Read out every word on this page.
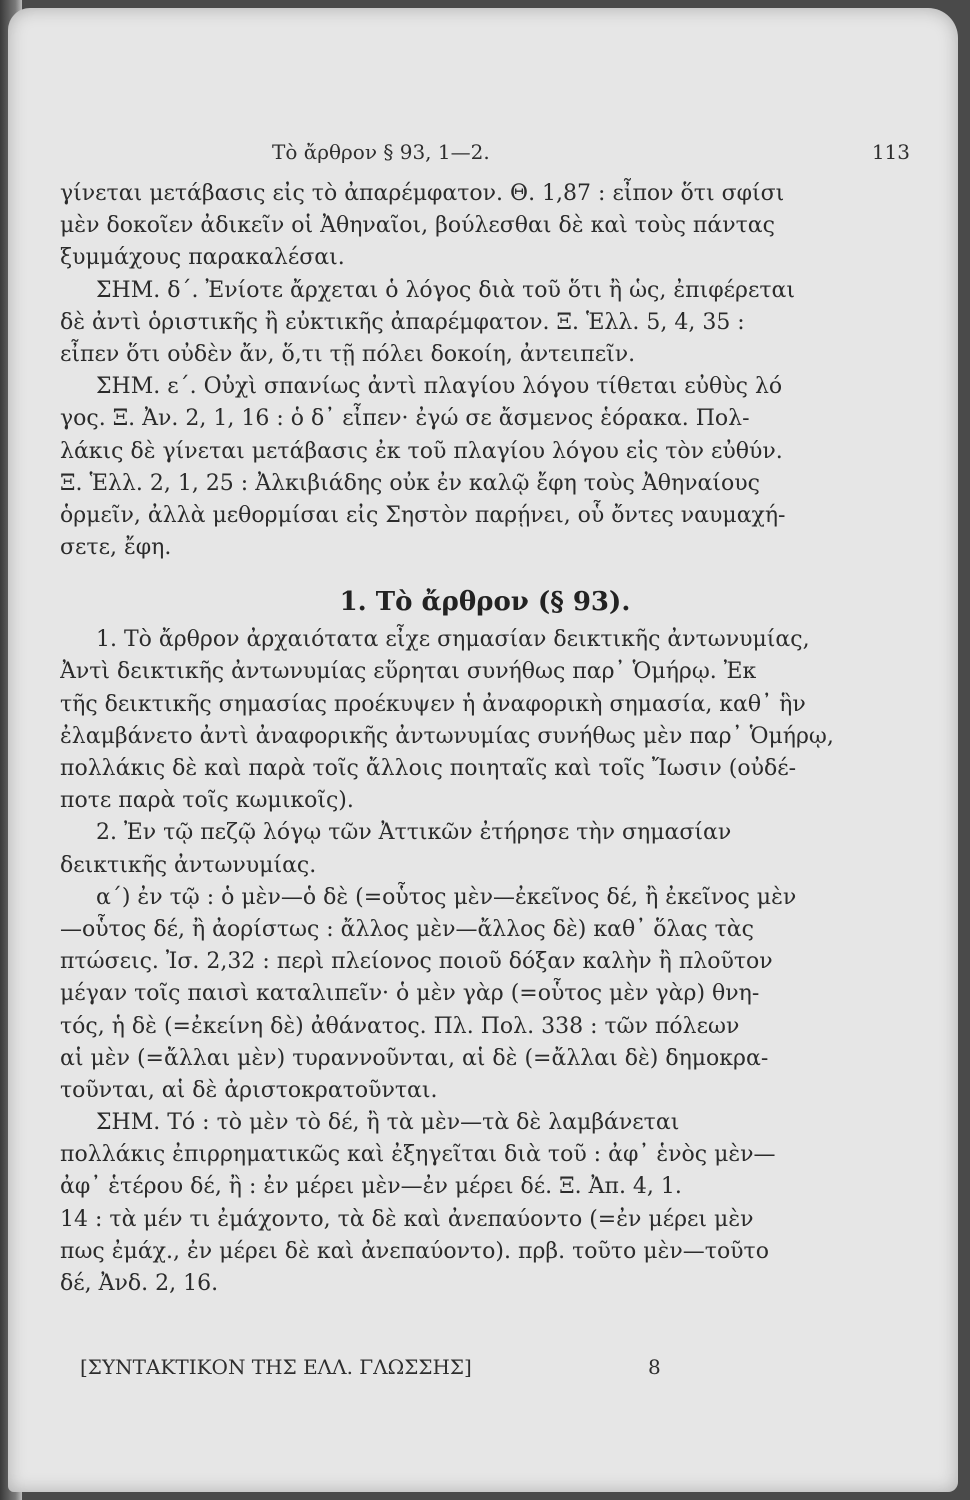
Τὸ ἄρθρον § 93, 1—2.	113
γίνεται μετάβασις εἰς τὸ ἀπαρέμφατον. Θ. 1,87 : εἶπον ὅτι σφίσι
μὲν δοκοῖεν ἀδικεῖν οἱ Ἀθηναῖοι, βούλεσθαι δὲ καὶ τοὺς πάντας
ξυμμάχους παρακαλέσαι.
ΣΗΜ. δ΄. Ἐνίοτε ἄρχεται ὁ λόγος διὰ τοῦ ὅτι ἢ ὡς, ἐπιφέρεται
δὲ ἀντὶ ὁριστικῆς ἢ εὐκτικῆς ἀπαρέμφατον. Ξ. Ἑλλ. 5, 4, 35 :
εἶπεν ὅτι οὐδὲν ἄν, ὅ,τι τῇ πόλει δοκοίη, ἀντειπεῖν.
ΣΗΜ. ε΄. Οὐχὶ σπανίως ἀντὶ πλαγίου λόγου τίθεται εὐθὺς λό
γος. Ξ. Ἀν. 2, 1, 16 : ὁ δ᾽ εἶπεν· ἐγώ σε ἄσμενος ἑόρακα. Πολ-
λάκις δὲ γίνεται μετάβασις ἐκ τοῦ πλαγίου λόγου εἰς τὸν εὐθύν.
Ξ. Ἑλλ. 2, 1, 25 : Ἀλκιβιάδης οὐκ ἐν καλῷ ἔφη τοὺς Ἀθηναίους
ὁρμεῖν, ἀλλὰ μεθορμίσαι εἰς Σηστὸν παρῄνει, οὗ ὄντες ναυμαχή-
σετε, ἔφη.
1. Τὸ ἄρθρον (§ 93).
1. Τὸ ἄρθρον ἀρχαιότατα εἶχε σημασίαν δεικτικῆς ἀντωνυμίας,
Ἀντὶ δεικτικῆς ἀντωνυμίας εὕρηται συνήθως παρ᾽ Ὁμήρῳ. Ἐκ
τῆς δεικτικῆς σημασίας προέκυψεν ἡ ἀναφορικὴ σημασία, καθ᾽ ἣν
ἐλαμβάνετο ἀντὶ ἀναφορικῆς ἀντωνυμίας συνήθως μὲν παρ᾽ Ὁμήρῳ,
πολλάκις δὲ καὶ παρὰ τοῖς ἄλλοις ποιηταῖς καὶ τοῖς Ἴωσιν (οὐδέ-
ποτε παρὰ τοῖς κωμικοῖς).
2. Ἐν τῷ πεζῷ λόγῳ τῶν Ἀττικῶν ἐτήρησε τὴν σημασίαν
δεικτικῆς ἀντωνυμίας.
α΄) ἐν τῷ : ὁ μὲν—ὁ δὲ (=οὗτος μὲν—ἐκεῖνος δέ, ἢ ἐκεῖνος μὲν
—οὗτος δέ, ἢ ἀορίστως : ἄλλος μὲν—ἄλλος δὲ) καθ᾽ ὅλας τὰς
πτώσεις. Ἰσ. 2,32 : περὶ πλείονος ποιοῦ δόξαν καλὴν ἢ πλοῦτον
μέγαν τοῖς παισὶ καταλιπεῖν· ὁ μὲν γὰρ (=οὗτος μὲν γὰρ) θνη-
τός, ἡ δὲ (=ἐκείνη δὲ) ἀθάνατος. Πλ. Πολ. 338 : τῶν πόλεων
αἱ μὲν (=ἄλλαι μὲν) τυραννοῦνται, αἱ δὲ (=ἄλλαι δὲ) δημοκρα-
τοῦνται, αἱ δὲ ἀριστοκρατοῦνται.
ΣΗΜ. Τό : τὸ μὲν τὸ δέ, ἢ τὰ μὲν—τὰ δὲ λαμβάνεται
πολλάκις ἐπιρρηματικῶς καὶ ἐξηγεῖται διὰ τοῦ : ἀφ᾽ ἑνὸς μὲν—
ἀφ᾽ ἑτέρου δέ, ἢ : ἐν μέρει μὲν—ἐν μέρει δέ. Ξ. Ἀπ. 4, 1.
14 : τὰ μέν τι ἐμάχοντο, τὰ δὲ καὶ ἀνεπαύοντο (=ἐν μέρει μὲν
πως ἐμάχ., ἐν μέρει δὲ καὶ ἀνεπαύοντο). πρβ. τοῦτο μὲν—τοῦτο
δέ, Ἀνδ. 2, 16.
[ΣΥΝΤΑΚΤΙΚΟΝ ΤΗΣ ΕΛΛ. ΓΛΩΣΣΗΣ]	8
